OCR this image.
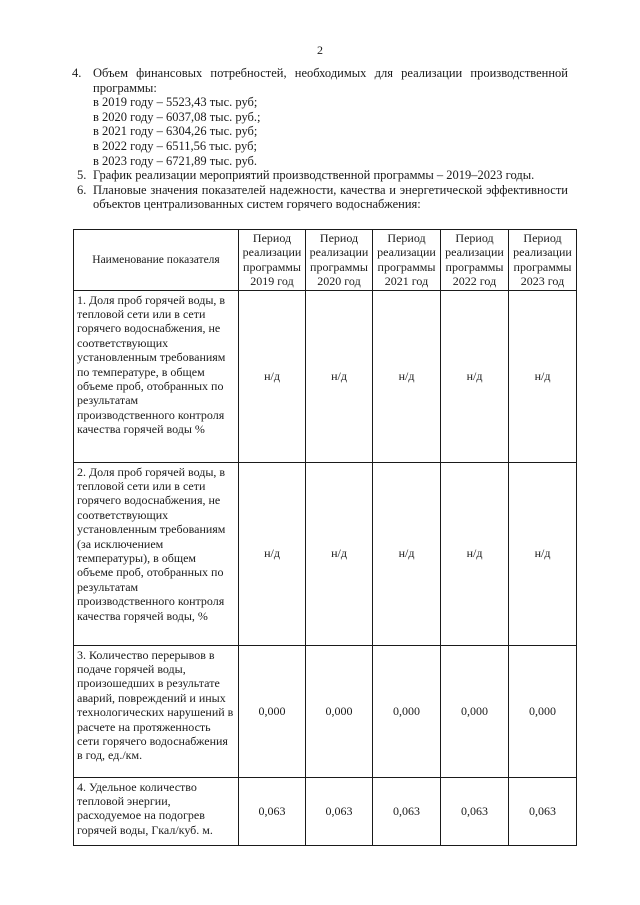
2
4. Объем финансовых потребностей, необходимых для реализации производственной программы:
в 2019 году – 5523,43 тыс. руб;
в 2020 году – 6037,08 тыс. руб.;
в 2021 году – 6304,26 тыс. руб;
в 2022 году – 6511,56 тыс. руб;
в 2023 году – 6721,89 тыс. руб.
5. График реализации мероприятий производственной программы – 2019–2023 годы.
6. Плановые значения показателей надежности, качества и энергетической эффективности объектов централизованных систем горячего водоснабжения:
Наименование показателя	Период реализации программы 2019 год	Период реализации программы 2020 год	Период реализации программы 2021 год	Период реализации программы 2022 год	Период реализации программы 2023 год
1. Доля проб горячей воды, в тепловой сети или в сети горячего водоснабжения, не соответствующих установленным требованиям по температуре, в общем объеме проб, отобранных по результатам производственного контроля качества горячей воды %	н/д	н/д	н/д	н/д	н/д
2. Доля проб горячей воды, в тепловой сети или в сети горячего водоснабжения, не соответствующих установленным требованиям (за исключением температуры), в общем объеме проб, отобранных по результатам производственного контроля качества горячей воды, %	н/д	н/д	н/д	н/д	н/д
3. Количество перерывов в подаче горячей воды, произошедших в результате аварий, повреждений и иных технологических нарушений в расчете на протяженность сети горячего водоснабжения в год, ед./км.	0,000	0,000	0,000	0,000	0,000
4. Удельное количество тепловой энергии, расходуемое на подогрев горячей воды, Гкал/куб. м.	0,063	0,063	0,063	0,063	0,063
